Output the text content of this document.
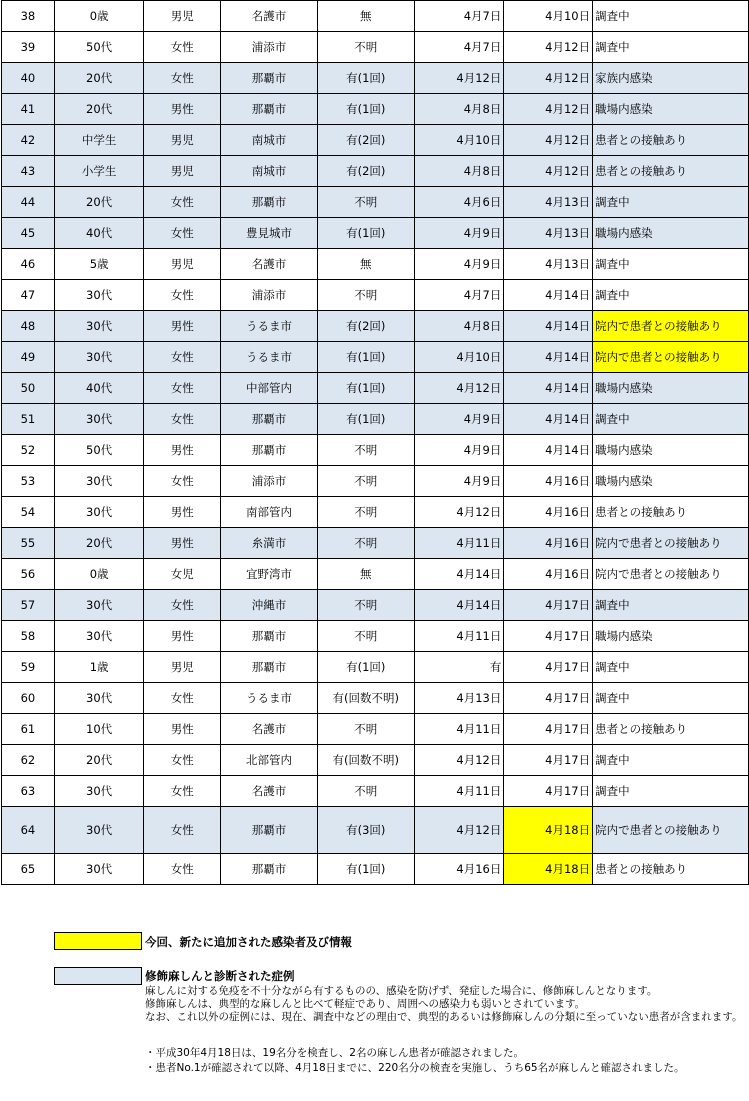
38	0歳	男児	名護市	無	4月7日	4月10日	調査中
39	50代	女性	浦添市	不明	4月7日	4月12日	調査中
40	20代	女性	那覇市	有(1回)	4月12日	4月12日	家族内感染
41	20代	男性	那覇市	有(1回)	4月8日	4月12日	職場内感染
42	中学生	男児	南城市	有(2回)	4月10日	4月12日	患者との接触あり
43	小学生	男児	南城市	有(2回)	4月8日	4月12日	患者との接触あり
44	20代	女性	那覇市	不明	4月6日	4月13日	調査中
45	40代	女性	豊見城市	有(1回)	4月9日	4月13日	職場内感染
46	5歳	男児	名護市	無	4月9日	4月13日	調査中
47	30代	女性	浦添市	不明	4月7日	4月14日	調査中
48	30代	男性	うるま市	有(2回)	4月8日	4月14日	院内で患者との接触あり
49	30代	女性	うるま市	有(1回)	4月10日	4月14日	院内で患者との接触あり
50	40代	女性	中部管内	有(1回)	4月12日	4月14日	職場内感染
51	30代	女性	那覇市	有(1回)	4月9日	4月14日	調査中
52	50代	男性	那覇市	不明	4月9日	4月14日	職場内感染
53	30代	女性	浦添市	不明	4月9日	4月16日	職場内感染
54	30代	男性	南部管内	不明	4月12日	4月16日	患者との接触あり
55	20代	男性	糸満市	不明	4月11日	4月16日	院内で患者との接触あり
56	0歳	女児	宜野湾市	無	4月14日	4月16日	院内で患者との接触あり
57	30代	女性	沖縄市	不明	4月14日	4月17日	調査中
58	30代	男性	那覇市	不明	4月11日	4月17日	職場内感染
59	1歳	男児	那覇市	有(1回)	有	4月17日	調査中
60	30代	女性	うるま市	有(回数不明)	4月13日	4月17日	調査中
61	10代	男性	名護市	不明	4月11日	4月17日	患者との接触あり
62	20代	女性	北部管内	有(回数不明)	4月12日	4月17日	調査中
63	30代	女性	名護市	不明	4月11日	4月17日	調査中
64	30代	女性	那覇市	有(3回)	4月12日	4月18日	院内で患者との接触あり
65	30代	女性	那覇市	有(1回)	4月16日	4月18日	患者との接触あり
今回、新たに追加された感染者及び情報
修飾麻しんと診断された症例
麻しんに対する免疫を不十分ながら有するものの、感染を防げず、発症した場合に、修飾麻しんとなります。
修飾麻しんは、典型的な麻しんと比べて軽症であり、周囲への感染力も弱いとされています。
なお、これ以外の症例には、現在、調査中などの理由で、典型的あるいは修飾麻しんの分類に至っていない患者が含まれます。
・平成30年4月18日は、19名分を検査し、2名の麻しん患者が確認されました。
・患者No.1が確認されて以降、4月18日までに、220名分の検査を実施し、うち65名が麻しんと確認されました。
